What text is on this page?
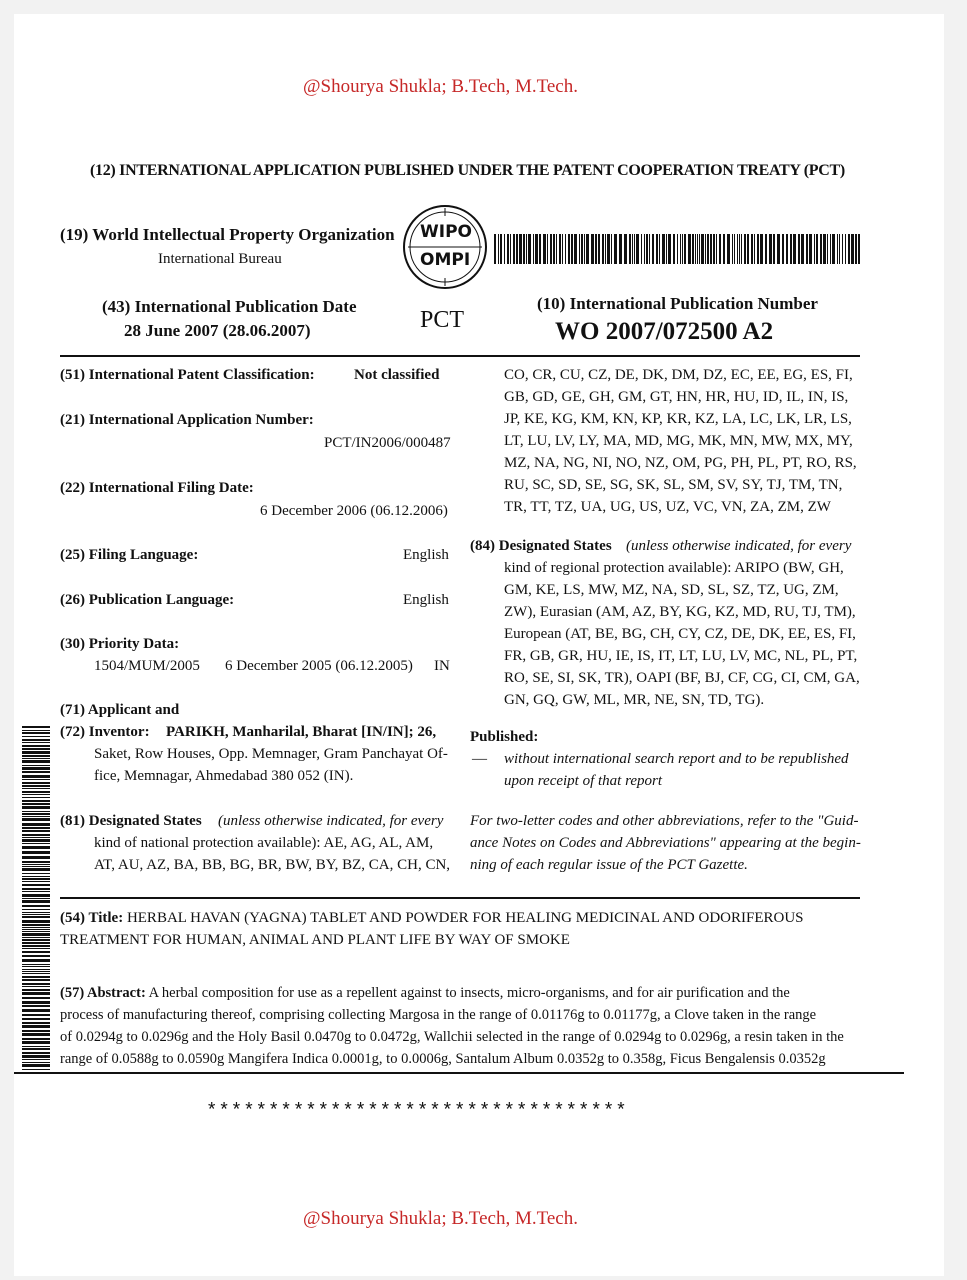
@Shourya Shukla; B.Tech, M.Tech.
(12) INTERNATIONAL APPLICATION PUBLISHED UNDER THE PATENT COOPERATION TREATY (PCT)
(19) World Intellectual Property Organization
International Bureau
WIPO
OMPI
(43) International Publication Date
28 June 2007 (28.06.2007)	PCT
(10) International Publication Number
WO 2007/072500 A2
(51) International Patent Classification:	Not classified
(21) International Application Number:
PCT/IN2006/000487
(22) International Filing Date:
6 December 2006 (06.12.2006)
(25) Filing Language:	English
(26) Publication Language:	English
(30) Priority Data:
1504/MUM/2005 6 December 2005 (06.12.2005) IN
(71) Applicant and
(72) Inventor: PARIKH, Manharilal, Bharat [IN/IN]; 26,
Saket, Row Houses, Opp. Memnager, Gram Panchayat Of-
fice, Memnagar, Ahmedabad 380 052 (IN).
(81) Designated States (unless otherwise indicated, for every
kind of national protection available): AE, AG, AL, AM,
AT, AU, AZ, BA, BB, BG, BR, BW, BY, BZ, CA, CH, CN,
CO, CR, CU, CZ, DE, DK, DM, DZ, EC, EE, EG, ES, FI,
GB, GD, GE, GH, GM, GT, HN, HR, HU, ID, IL, IN, IS,
JP, KE, KG, KM, KN, KP, KR, KZ, LA, LC, LK, LR, LS,
LT, LU, LV, LY, MA, MD, MG, MK, MN, MW, MX, MY,
MZ, NA, NG, NI, NO, NZ, OM, PG, PH, PL, PT, RO, RS,
RU, SC, SD, SE, SG, SK, SL, SM, SV, SY, TJ, TM, TN,
TR, TT, TZ, UA, UG, US, UZ, VC, VN, ZA, ZM, ZW
(84) Designated States (unless otherwise indicated, for every
kind of regional protection available): ARIPO (BW, GH,
GM, KE, LS, MW, MZ, NA, SD, SL, SZ, TZ, UG, ZM,
ZW), Eurasian (AM, AZ, BY, KG, KZ, MD, RU, TJ, TM),
European (AT, BE, BG, CH, CY, CZ, DE, DK, EE, ES, FI,
FR, GB, GR, HU, IE, IS, IT, LT, LU, LV, MC, NL, PL, PT,
RO, SE, SI, SK, TR), OAPI (BF, BJ, CF, CG, CI, CM, GA,
GN, GQ, GW, ML, MR, NE, SN, TD, TG).
Published:
— without international search report and to be republished
upon receipt of that report
For two-letter codes and other abbreviations, refer to the "Guid-
ance Notes on Codes and Abbreviations" appearing at the begin-
ning of each regular issue of the PCT Gazette.
(54) Title: HERBAL HAVAN (YAGNA) TABLET AND POWDER FOR HEALING MEDICINAL AND ODORIFEROUS
TREATMENT FOR HUMAN, ANIMAL AND PLANT LIFE BY WAY OF SMOKE
(57) Abstract: A herbal composition for use as a repellent against to insects, micro-organisms, and for air purification and the
process of manufacturing thereof, comprising collecting Margosa in the range of 0.01176g to 0.01177g, a Clove taken in the range
of 0.0294g to 0.0296g and the Holy Basil 0.0470g to 0.0472g, Wallchii selected in the range of 0.0294g to 0.0296g, a resin taken in the
range of 0.0588g to 0.0590g Mangifera Indica 0.0001g, to 0.0006g, Santalum Album 0.0352g to 0.358g, Ficus Bengalensis 0.0352g
**********************************
@Shourya Shukla; B.Tech, M.Tech.
